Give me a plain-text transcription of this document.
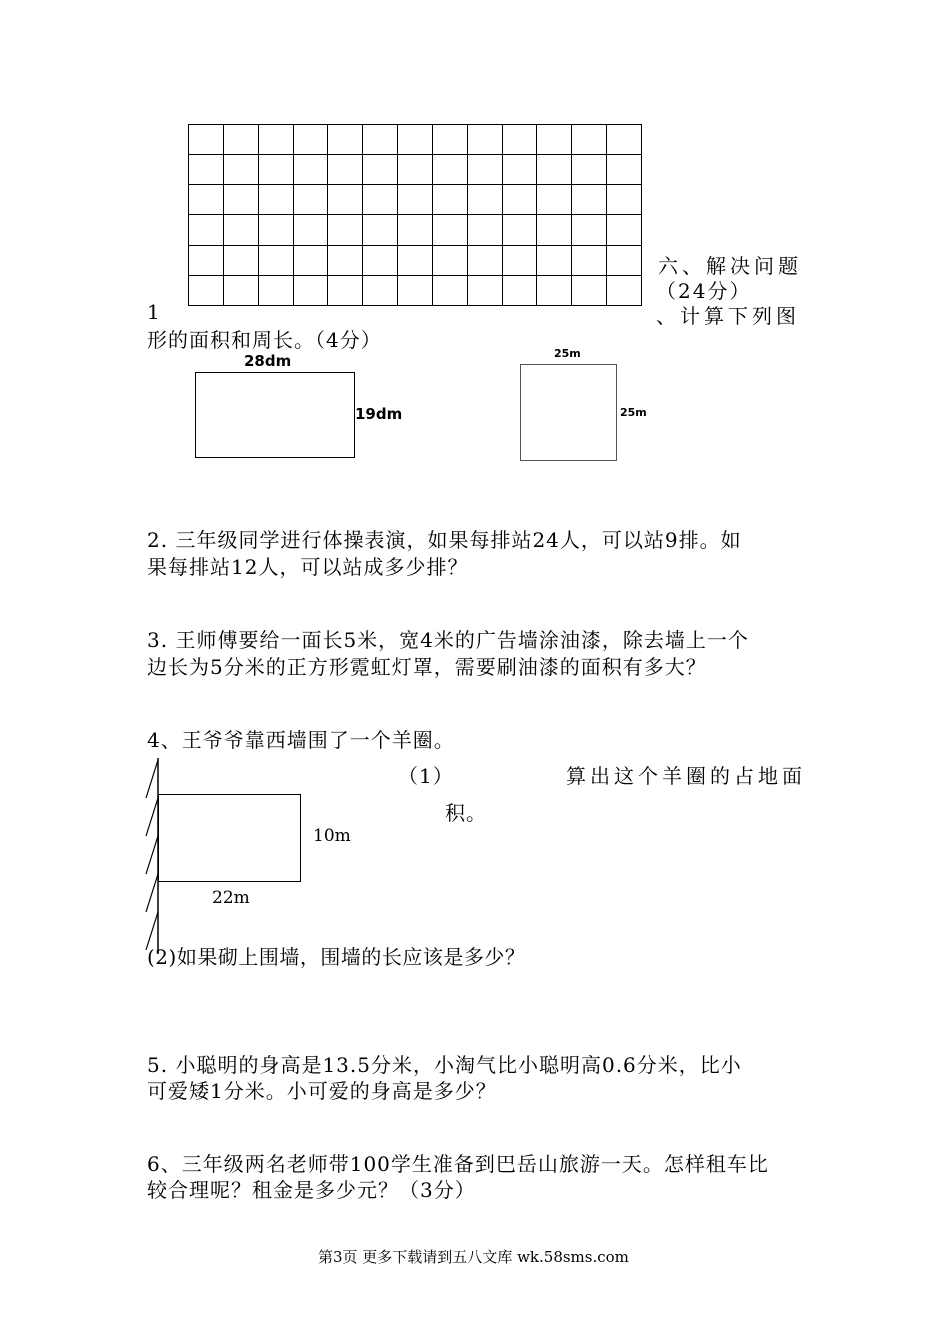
六、解决问题
（24分）
1	、计算下列图
形的面积和周长。（4分）
28dm
19dm
25m
25m
2. 三年级同学进行体操表演，如果每排站24人，可以站9排。如
果每排站12人，可以站成多少排？
3. 王师傅要给一面长5米，宽4米的广告墙涂油漆，除去墙上一个
边长为5分米的正方形霓虹灯罩，需要刷油漆的面积有多大？
4、王爷爷靠西墙围了一个羊圈。
（1）	算出这个羊圈的占地面
积。
10m
22m
(2)如果砌上围墙，围墙的长应该是多少？
5. 小聪明的身高是13.5分米，小淘气比小聪明高0.6分米，比小
可爱矮1分米。小可爱的身高是多少？
6、三年级两名老师带100学生准备到巴岳山旅游一天。怎样租车比
较合理呢？租金是多少元？（3分）
第3页 更多下载请到五八文库 wk.58sms.com
